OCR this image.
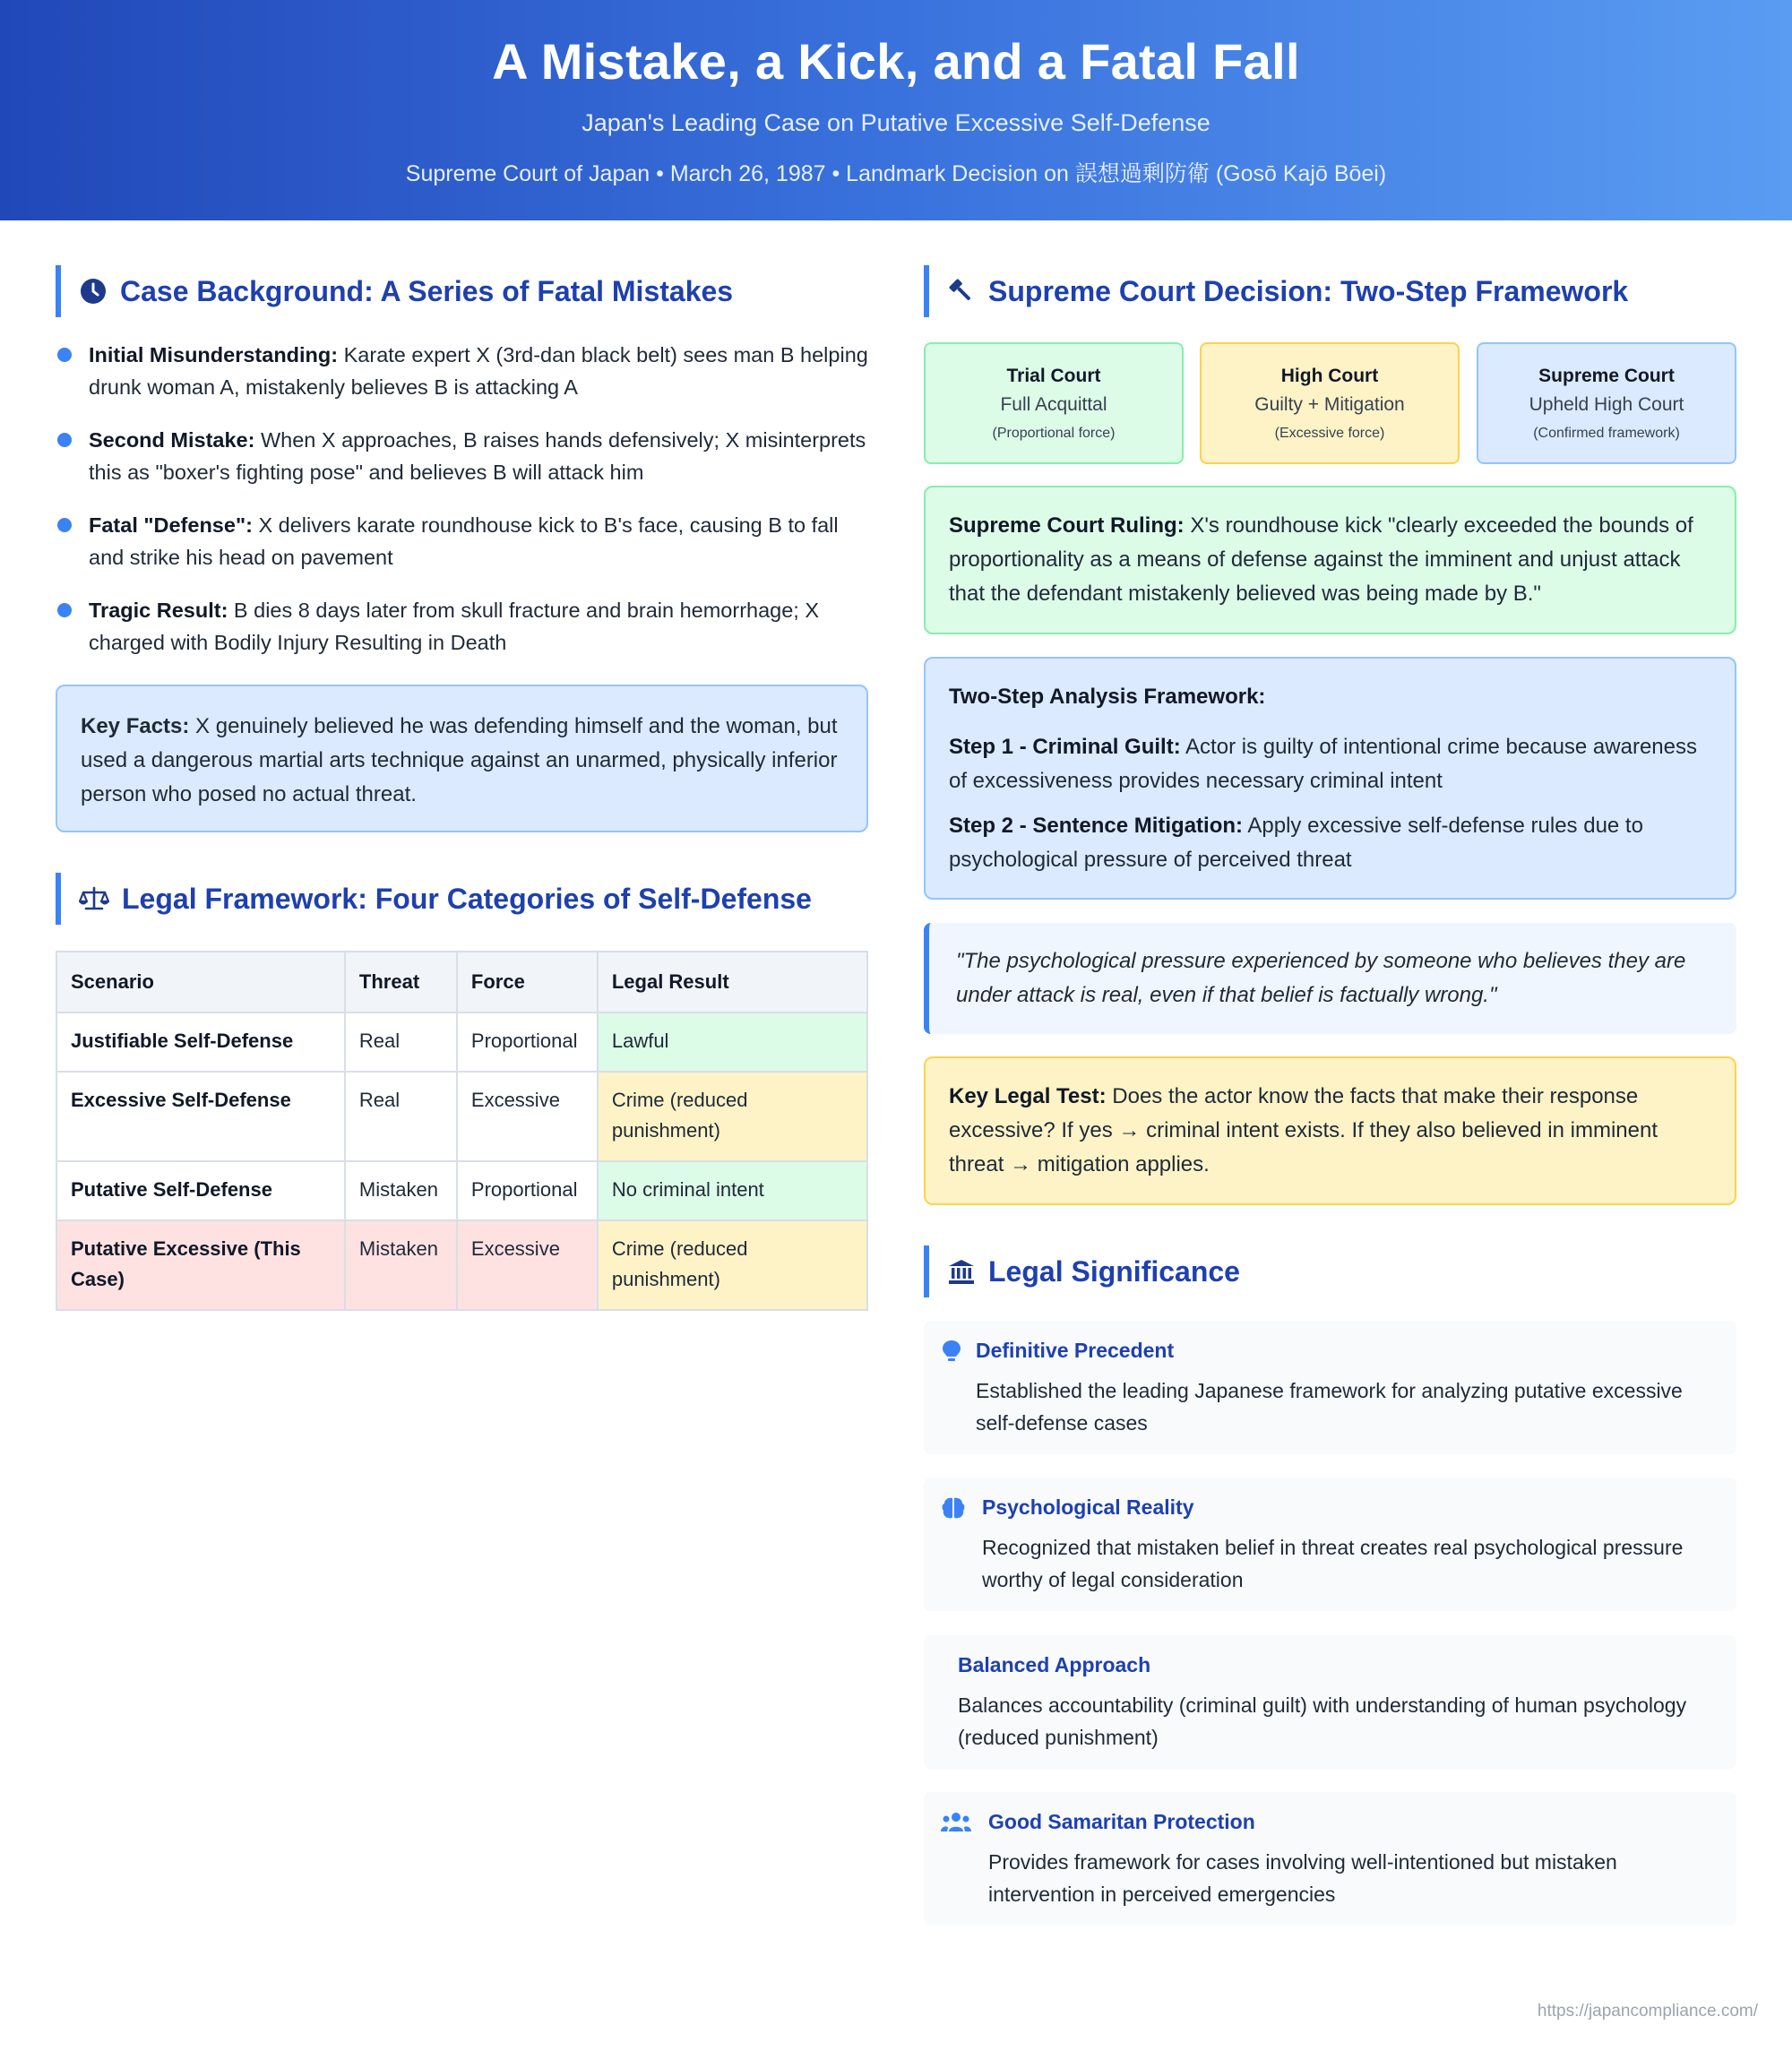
A Mistake, a Kick, and a Fatal Fall
Japan's Leading Case on Putative Excessive Self-Defense
Supreme Court of Japan • March 26, 1987 • Landmark Decision on 誤想過剰防衛 (Gosō Kajō Bōei)
Case Background: A Series of Fatal Mistakes
Initial Misunderstanding: Karate expert X (3rd-dan black belt) sees man B helping drunk woman A, mistakenly believes B is attacking A
Second Mistake: When X approaches, B raises hands defensively; X misinterprets this as "boxer's fighting pose" and believes B will attack him
Fatal "Defense": X delivers karate roundhouse kick to B's face, causing B to fall and strike his head on pavement
Tragic Result: B dies 8 days later from skull fracture and brain hemorrhage; X charged with Bodily Injury Resulting in Death
Key Facts: X genuinely believed he was defending himself and the woman, but used a dangerous martial arts technique against an unarmed, physically inferior person who posed no actual threat.
Legal Framework: Four Categories of Self-Defense
Scenario	Threat	Force	Legal Result
Justifiable Self-Defense	Real	Proportional	Lawful
Excessive Self-Defense	Real	Excessive	Crime (reduced punishment)
Putative Self-Defense	Mistaken	Proportional	No criminal intent
Putative Excessive (This Case)	Mistaken	Excessive	Crime (reduced punishment)
Supreme Court Decision: Two-Step Framework
Trial Court
Full Acquittal
(Proportional force)
High Court
Guilty + Mitigation
(Excessive force)
Supreme Court
Upheld High Court
(Confirmed framework)
Supreme Court Ruling: X's roundhouse kick "clearly exceeded the bounds of proportionality as a means of defense against the imminent and unjust attack that the defendant mistakenly believed was being made by B."
Two-Step Analysis Framework:

Step 1 - Criminal Guilt: Actor is guilty of intentional crime because awareness of excessiveness provides necessary criminal intent

Step 2 - Sentence Mitigation: Apply excessive self-defense rules due to psychological pressure of perceived threat

"The psychological pressure experienced by someone who believes they are under attack is real, even if that belief is factually wrong."
Key Legal Test: Does the actor know the facts that make their response excessive? If yes → criminal intent exists. If they also believed in imminent threat → mitigation applies.
Legal Significance
Definitive Precedent
Established the leading Japanese framework for analyzing putative excessive self-defense cases
Psychological Reality
Recognized that mistaken belief in threat creates real psychological pressure worthy of legal consideration
Balanced Approach
Balances accountability (criminal guilt) with understanding of human psychology (reduced punishment)
Good Samaritan Protection
Provides framework for cases involving well-intentioned but mistaken intervention in perceived emergencies
https://japancompliance.com/
